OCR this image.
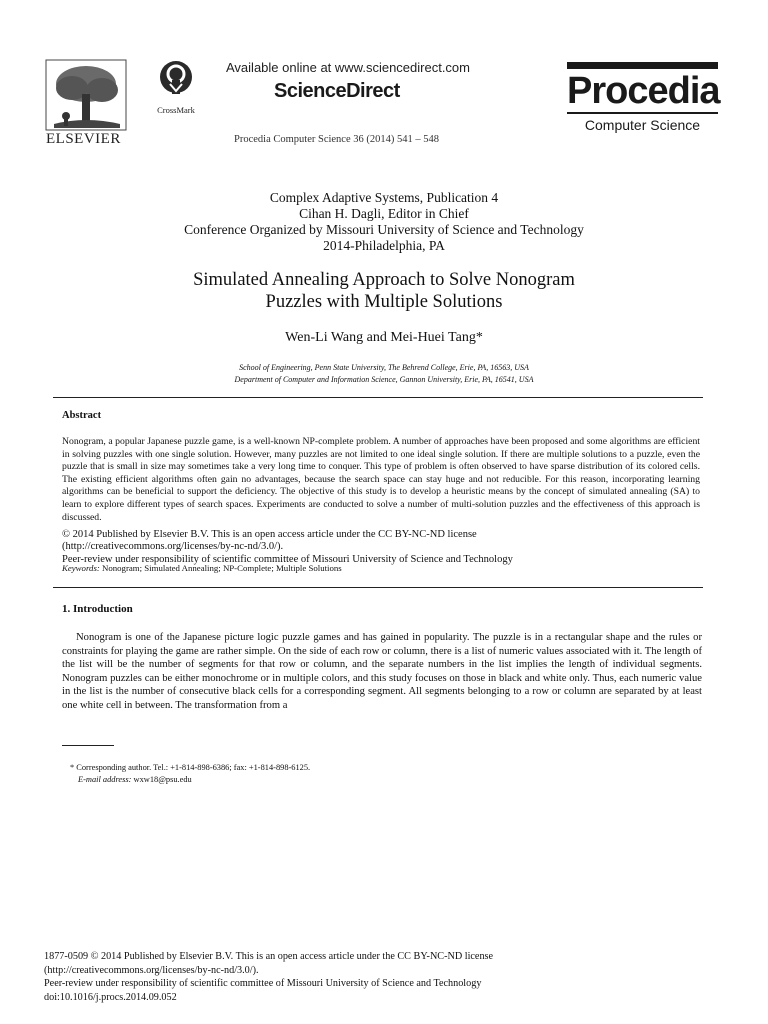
ELSEVIER
CrossMark
Available online at www.sciencedirect.com
ScienceDirect
Procedia Computer Science 36 (2014) 541 – 548
Procedia
Computer Science
Complex Adaptive Systems, Publication 4
Cihan H. Dagli, Editor in Chief
Conference Organized by Missouri University of Science and Technology
2014-Philadelphia, PA
Simulated Annealing Approach to Solve Nonogram
Puzzles with Multiple Solutions
Wen-Li Wang and Mei-Huei Tang*
School of Engineering, Penn State University, The Behrend College, Erie, PA, 16563, USA
Department of Computer and Information Science, Gannon University, Erie, PA, 16541, USA
Abstract
Nonogram, a popular Japanese puzzle game, is a well-known NP-complete problem. A number of approaches have been proposed and some algorithms are efficient in solving puzzles with one single solution. However, many puzzles are not limited to one ideal single solution. If there are multiple solutions to a puzzle, even the puzzle that is small in size may sometimes take a very long time to conquer. This type of problem is often observed to have sparse distribution of its colored cells. The existing efficient algorithms often gain no advantages, because the search space can stay huge and not reducible. For this reason, incorporating learning algorithms can be beneficial to support the deficiency. The objective of this study is to develop a heuristic means by the concept of simulated annealing (SA) to learn to explore different types of search spaces. Experiments are conducted to solve a number of multi-solution puzzles and the effectiveness of this approach is discussed.
© 2014 Published by Elsevier B.V. This is an open access article under the CC BY-NC-ND license
(http://creativecommons.org/licenses/by-nc-nd/3.0/).
Peer-review under responsibility of scientific committee of Missouri University of Science and Technology
Keywords: Nonogram; Simulated Annealing; NP-Complete; Multiple Solutions
1. Introduction
Nonogram is one of the Japanese picture logic puzzle games and has gained in popularity. The puzzle is in a rectangular shape and the rules or constraints for playing the game are rather simple. On the side of each row or column, there is a list of numeric values associated with it. The length of the list will be the number of segments for that row or column, and the separate numbers in the list implies the length of individual segments. Nonogram puzzles can be either monochrome or in multiple colors, and this study focuses on those in black and white only. Thus, each numeric value in the list is the number of consecutive black cells for a corresponding segment. All segments belonging to a row or column are separated by at least one white cell in between. The transformation from a
* Corresponding author. Tel.: +1-814-898-6386; fax: +1-814-898-6125.
E-mail address: wxw18@psu.edu
1877-0509 © 2014 Published by Elsevier B.V. This is an open access article under the CC BY-NC-ND license
(http://creativecommons.org/licenses/by-nc-nd/3.0/).
Peer-review under responsibility of scientific committee of Missouri University of Science and Technology
doi:10.1016/j.procs.2014.09.052
